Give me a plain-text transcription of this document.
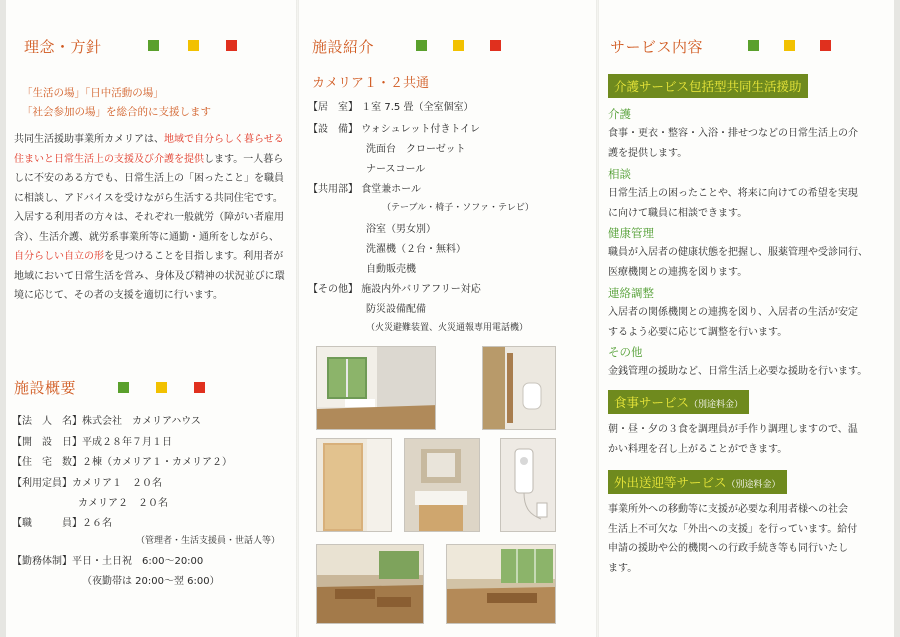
理念・方針
「生活の場」「日中活動の場」
「社会参加の場」を総合的に支援します
共同生活援助事業所カメリアは、地域で自分らしく暮らせる住まいと日常生活上の支援及び介護を提供します。一人暮らしに不安のある方でも、日常生活上の「困ったこと」を職員に相談し、アドバイスを受けながら生活する共同住宅です。入居する利用者の方々は、それぞれ一般就労（障がい者雇用含）、生活介護、就労系事業所等に通勤・通所をしながら、自分らしい自立の形を見つけることを目指します。利用者が地域において日常生活を営み、身体及び精神の状況並びに環境に応じて、その者の支援を適切に行います。
施設概要
【法　人　名】株式会社　カメリアハウス
【開　設　日】平成２８年７月１日
【住　宅　数】２棟（カメリア１・カメリア２）
【利用定員】カメリア１　２０名
カメリア２　２０名
【職　　　員】２６名
（管理者・生活支援員・世話人等）
【勤務体制】平日・土日祝　6:00〜20:00
（夜勤帯は 20:00〜翌 6:00）
施設紹介
カメリア１・２共通
【居　室】 １室 7.5 畳（全室個室）
【設　備】 ウォシュレット付きトイレ
洗面台　クローゼット
ナースコール
【共用部】 食堂兼ホール
（テーブル・椅子・ソファ・テレビ）
浴室（男女別）
洗濯機（２台・無料）
自動販売機
【その他】 施設内外バリアフリー対応
防災設備配備
（火災避難装置、火災通報専用電話機）
サービス内容
介護サービス包括型共同生活援助
介護
食事・更衣・整容・入浴・排せつなどの日常生活上の介
護を提供します。
相談
日常生活上の困ったことや、将来に向けての希望を実現
に向けて職員に相談できます。
健康管理
職員が入居者の健康状態を把握し、服薬管理や受診同行、
医療機関との連携を図ります。
連絡調整
入居者の関係機関との連携を図り、入居者の生活が安定
するよう必要に応じて調整を行います。
その他
金銭管理の援助など、日常生活上必要な援助を行います。
食事サービス（別途料金）
朝・昼・夕の３食を調理員が手作り調理しますので、温
かい料理を召し上がることができます。
外出送迎等サービス（別途料金）
事業所外への移動等に支援が必要な利用者様への社会
生活上不可欠な「外出への支援」を行っています。給付
申請の援助や公的機関への行政手続き等も同行いたし
ます。
